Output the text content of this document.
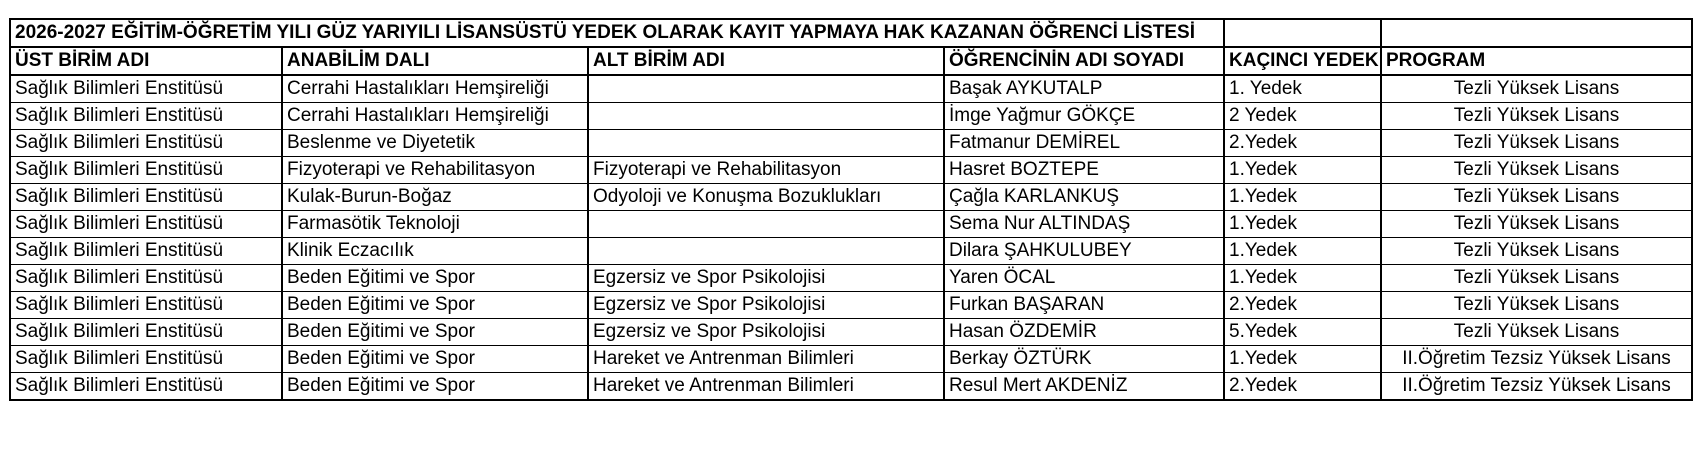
2026-2027 EĞİTİM-ÖĞRETİM YILI GÜZ YARIYILI LİSANSÜSTÜ YEDEK OLARAK KAYIT YAPMAYA HAK KAZANAN ÖĞRENCİ LİSTESİ					
ÜST BİRİM ADI	ANABİLİM DALI	ALT BİRİM ADI	ÖĞRENCİNİN ADI SOYADI	KAÇINCI YEDEK	PROGRAM
Sağlık Bilimleri Enstitüsü	Cerrahi Hastalıkları Hemşireliği		Başak AYKUTALP	1. Yedek	Tezli Yüksek Lisans
Sağlık Bilimleri Enstitüsü	Cerrahi Hastalıkları Hemşireliği		İmge Yağmur GÖKÇE	2 Yedek	Tezli Yüksek Lisans
Sağlık Bilimleri Enstitüsü	Beslenme ve Diyetetik		Fatmanur DEMİREL	2.Yedek	Tezli Yüksek Lisans
Sağlık Bilimleri Enstitüsü	Fizyoterapi ve Rehabilitasyon	Fizyoterapi ve Rehabilitasyon	Hasret BOZTEPE	1.Yedek	Tezli Yüksek Lisans
Sağlık Bilimleri Enstitüsü	Kulak-Burun-Boğaz	Odyoloji ve Konuşma Bozuklukları	Çağla KARLANKUŞ	1.Yedek	Tezli Yüksek Lisans
Sağlık Bilimleri Enstitüsü	Farmasötik Teknoloji		Sema Nur ALTINDAŞ	1.Yedek	Tezli Yüksek Lisans
Sağlık Bilimleri Enstitüsü	Klinik Eczacılık		Dilara ŞAHKULUBEY	1.Yedek	Tezli Yüksek Lisans
Sağlık Bilimleri Enstitüsü	Beden Eğitimi ve Spor	Egzersiz ve Spor Psikolojisi	Yaren ÖCAL	1.Yedek	Tezli Yüksek Lisans
Sağlık Bilimleri Enstitüsü	Beden Eğitimi ve Spor	Egzersiz ve Spor Psikolojisi	Furkan BAŞARAN	2.Yedek	Tezli Yüksek Lisans
Sağlık Bilimleri Enstitüsü	Beden Eğitimi ve Spor	Egzersiz ve Spor Psikolojisi	Hasan ÖZDEMİR	5.Yedek	Tezli Yüksek Lisans
Sağlık Bilimleri Enstitüsü	Beden Eğitimi ve Spor	Hareket ve Antrenman Bilimleri	Berkay ÖZTÜRK	1.Yedek	II.Öğretim Tezsiz Yüksek Lisans
Sağlık Bilimleri Enstitüsü	Beden Eğitimi ve Spor	Hareket ve Antrenman Bilimleri	Resul Mert AKDENİZ	2.Yedek	II.Öğretim Tezsiz Yüksek Lisans
